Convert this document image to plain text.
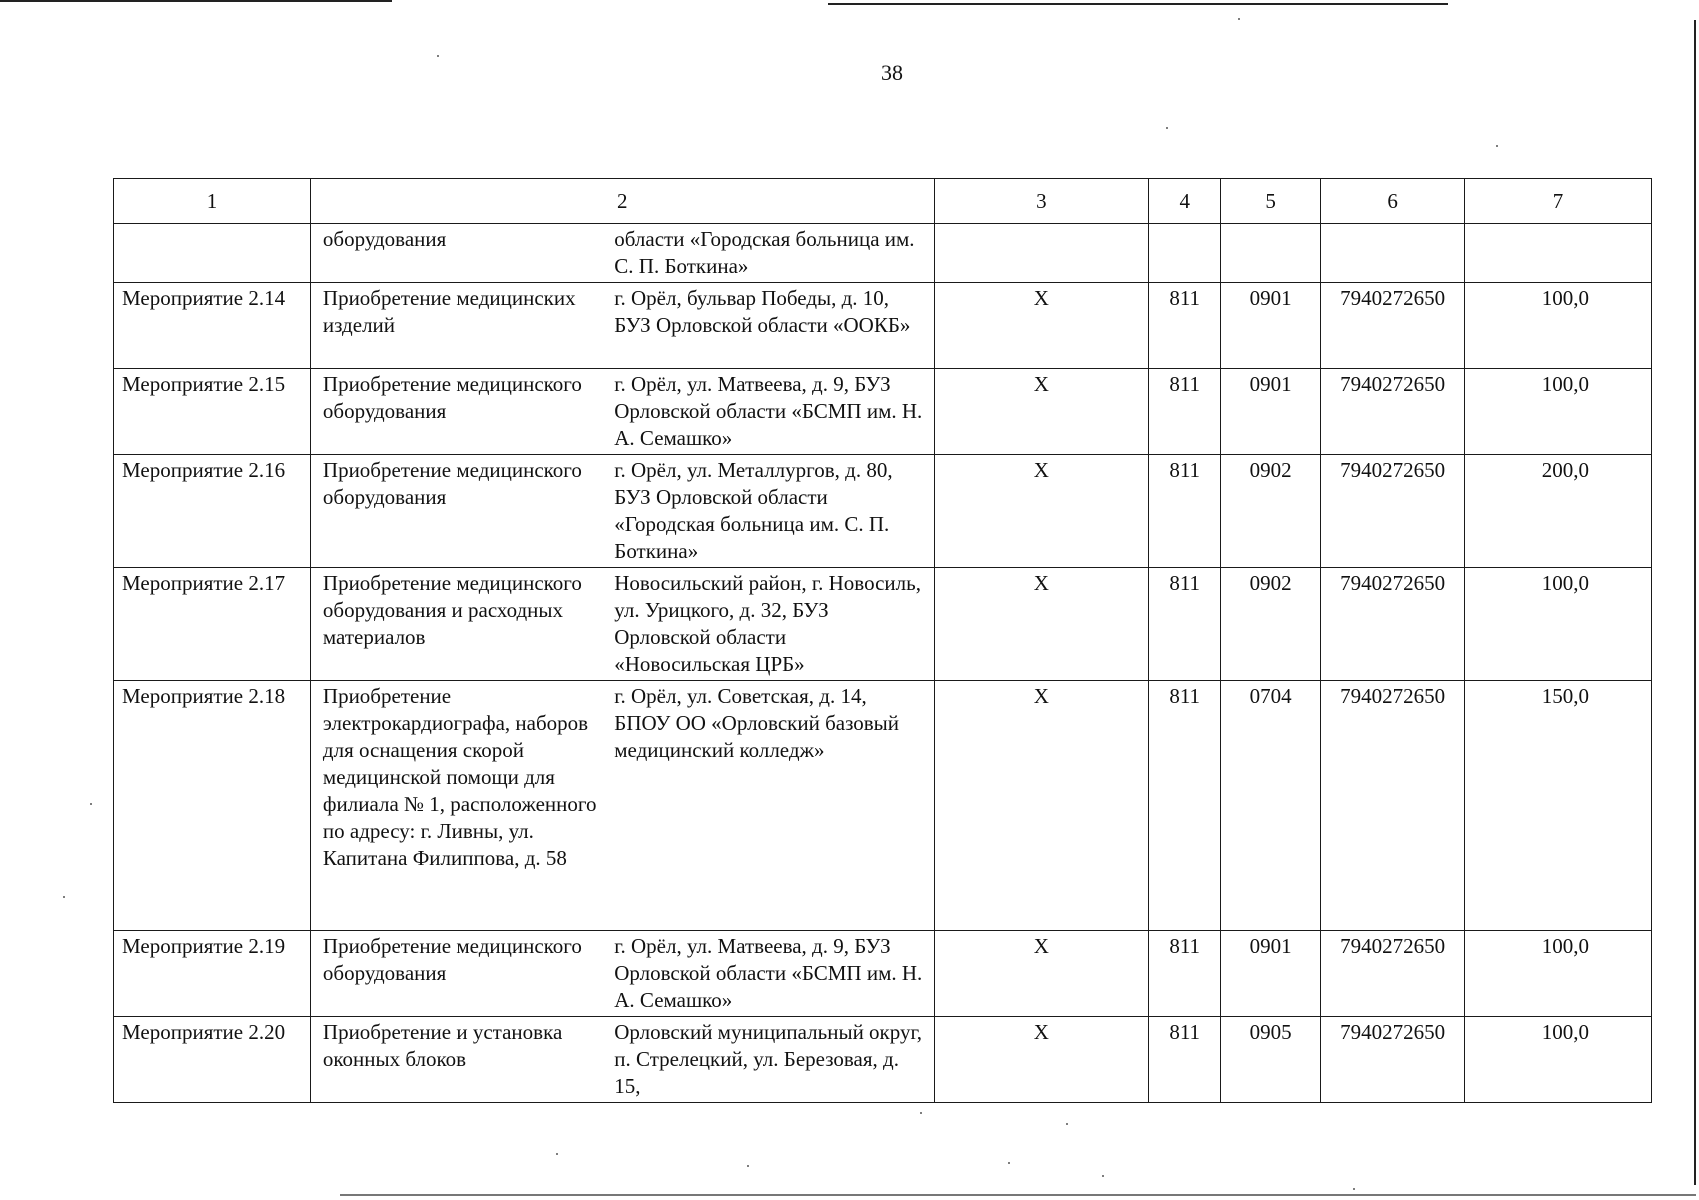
38
1	2		3	4	5	6	7
	оборудования	области «Городская больница им. С. П. Боткина»					
Мероприятие 2.14	Приобретение медицинских изделий	г. Орёл, бульвар Победы, д. 10, БУЗ Орловской области «ООКБ»	Х	811	0901	7940272650	100,0
Мероприятие 2.15	Приобретение медицинского оборудования	г. Орёл, ул. Матвеева, д. 9, БУЗ Орловской области «БСМП им. Н. А. Семашко»	Х	811	0901	7940272650	100,0
Мероприятие 2.16	Приобретение медицинского оборудования	г. Орёл, ул. Металлургов, д. 80, БУЗ Орловской области «Городская больница им. С. П. Боткина»	Х	811	0902	7940272650	200,0
Мероприятие 2.17	Приобретение медицинского оборудования и расходных материалов	Новосильский район, г. Новосиль, ул. Урицкого, д. 32, БУЗ Орловской области «Новосильская ЦРБ»	Х	811	0902	7940272650	100,0
Мероприятие 2.18	Приобретение электрокардиографа, наборов для оснащения скорой медицинской помощи для филиала № 1, расположенного по адресу: г. Ливны, ул. Капитана Филиппова, д. 58	г. Орёл, ул. Советская, д. 14, БПОУ ОО «Орловский базовый медицинский колледж»	Х	811	0704	7940272650	150,0
Мероприятие 2.19	Приобретение медицинского оборудования	г. Орёл, ул. Матвеева, д. 9, БУЗ Орловской области «БСМП им. Н. А. Семашко»	Х	811	0901	7940272650	100,0
Мероприятие 2.20	Приобретение и установка оконных блоков	Орловский муниципальный округ, п. Стрелецкий, ул. Березовая, д. 15,	Х	811	0905	7940272650	100,0
